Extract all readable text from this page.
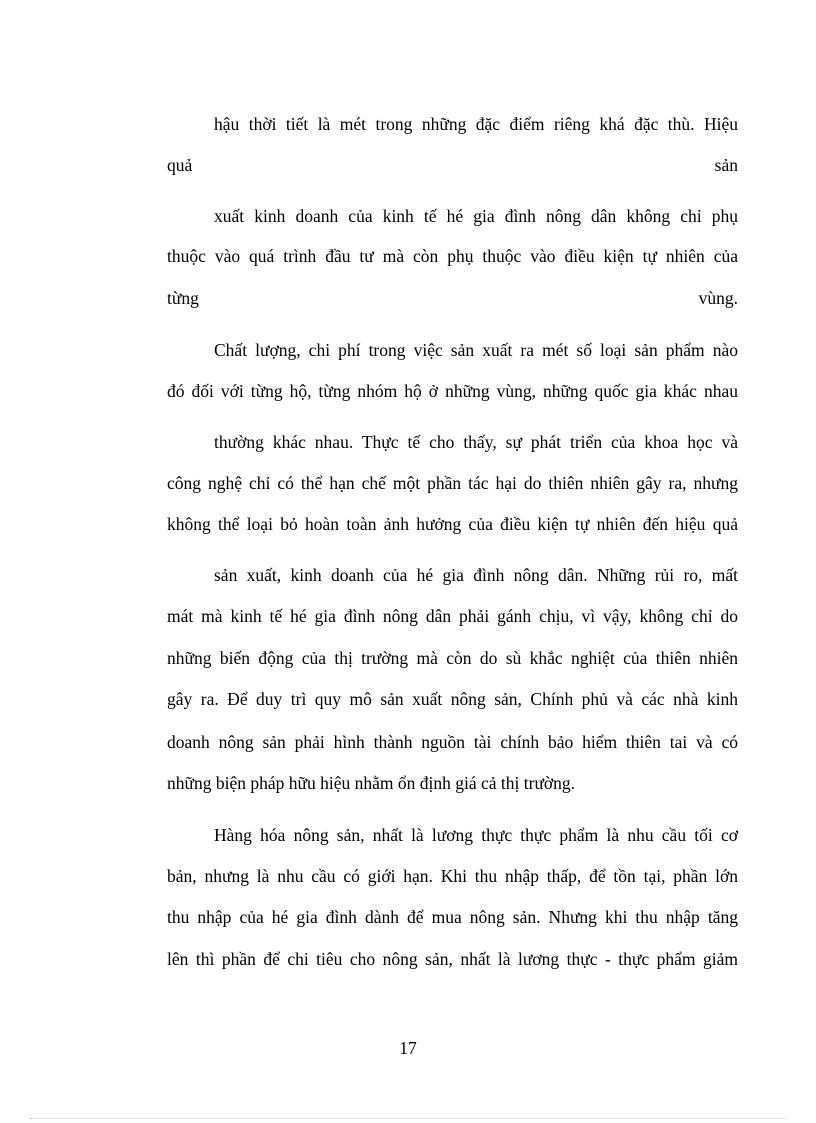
hậu thời tiết là mét trong những đặc điểm riêng khá đặc thù. Hiệu
quả	sản
xuất kinh doanh của kinh tế hé gia đình nông dân không chỉ phụ
thuộc vào quá trình đầu tư mà còn phụ thuộc vào điều kiện tự nhiên của
từng	vùng.
Chất lượng, chi phí trong việc sản xuất ra mét số loại sản phẩm nào
đó đối với từng hộ, từng nhóm hộ ở những vùng, những quốc gia khác nhau
thường khác nhau. Thực tế cho thấy, sự phát triển của khoa học và
công nghệ chỉ có thể hạn chế một phần tác hại do thiên nhiên gây ra, nhưng
không thể loại bỏ hoàn toàn ảnh hưởng của điều kiện tự nhiên đến hiệu quả
sản xuất, kinh doanh của hé gia đình nông dân. Những rủi ro, mất
mát mà kinh tế hé gia đình nông dân phải gánh chịu, vì vậy, không chỉ do
những biến động của thị trường mà còn do sù khắc nghiệt của thiên nhiên
gây ra. Để duy trì quy mô sản xuất nông sản, Chính phủ và các nhà kinh
doanh nông sản phải hình thành nguồn tài chính bảo hiểm thiên tai và có
những biện pháp hữu hiệu nhằm ổn định giá cả thị trường.
Hàng hóa nông sản, nhất là lương thực thực phẩm là nhu cầu tối cơ
bản, nhưng là nhu cầu có giới hạn. Khi thu nhập thấp, để tồn tại, phần lớn
thu nhập của hé gia đình dành để mua nông sản. Nhưng khi thu nhập tăng
lên thì phần để chi tiêu cho nông sản, nhất là lương thực - thực phẩm giảm
17
